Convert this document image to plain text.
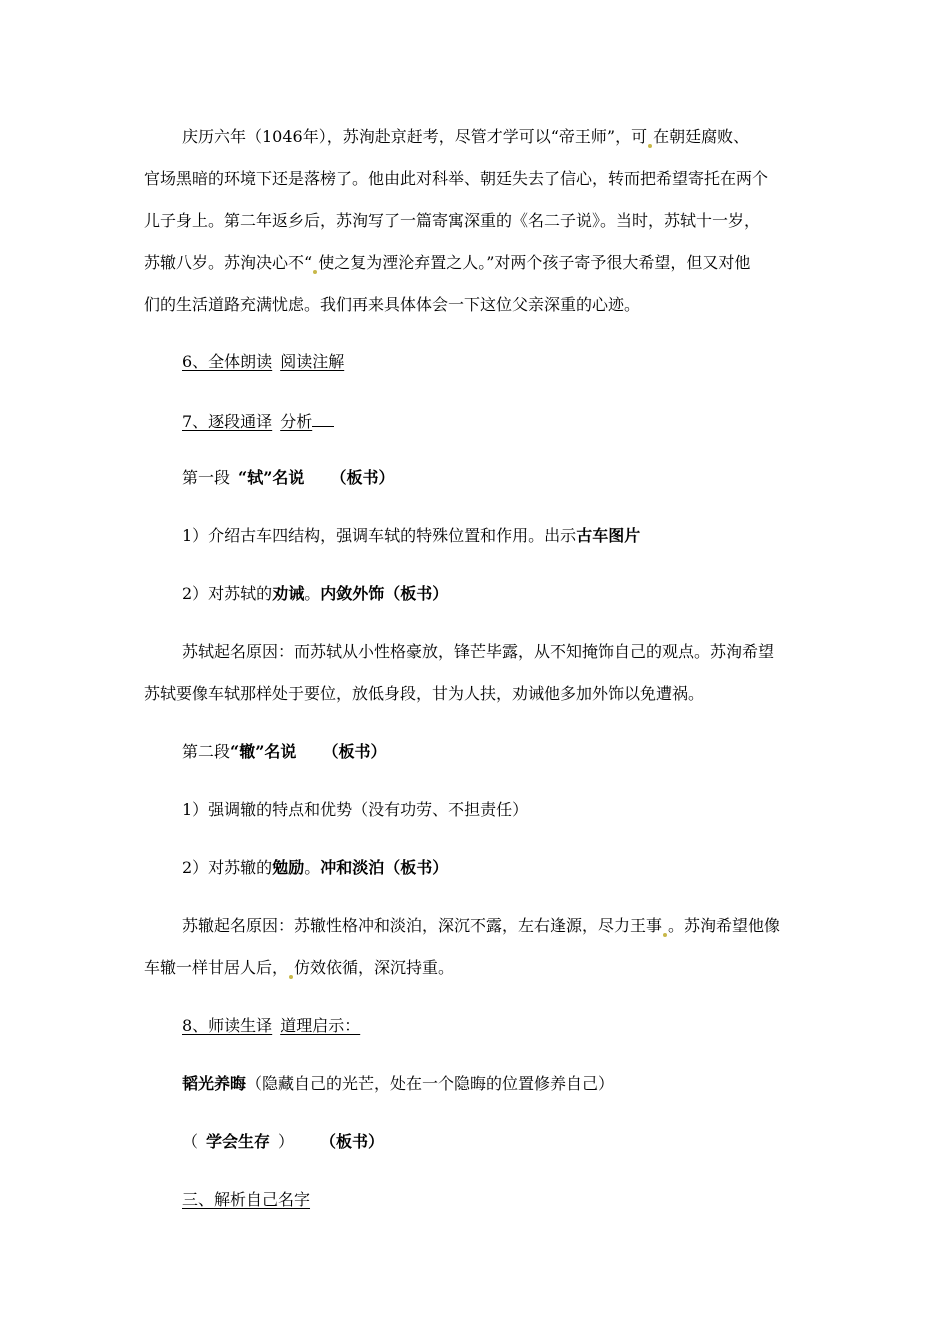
庆历六年（1046年），苏洵赴京赶考，尽管才学可以“帝王师”，可 在朝廷腐败、
官场黑暗的环境下还是落榜了。他由此对科举、朝廷失去了信心，转而把希望寄托在两个
儿子身上。第二年返乡后，苏洵写了一篇寄寓深重的《名二子说》。当时，苏轼十一岁，
苏辙八岁。苏洵决心不“ 使之复为湮沦弃置之人。”对两个孩子寄予很大希望，但又对他
们的生活道路充满忧虑。我们再来具体体会一下这位父亲深重的心迹。
6、全体朗读 阅读注解
7、逐段通译 分析
第一段 “轼”名说 （板书）
1）介绍古车四结构，强调车轼的特殊位置和作用。出示古车图片
2）对苏轼的劝诫。内敛外饰（板书）
苏轼起名原因：而苏轼从小性格豪放，锋芒毕露，从不知掩饰自己的观点。苏洵希望
苏轼要像车轼那样处于要位，放低身段，甘为人扶，劝诫他多加外饰以免遭祸。
第二段“辙”名说 （板书）
1）强调辙的特点和优势（没有功劳、不担责任）
2）对苏辙的勉励。冲和淡泊（板书）
苏辙起名原因：苏辙性格冲和淡泊，深沉不露，左右逢源，尽力王事 。苏洵希望他像
车辙一样甘居人后， 仿效依循，深沉持重。
8、师读生译 道理启示：
韬光养晦（隐藏自己的光芒，处在一个隐晦的位置修养自己）
（ 学会生存 ） （板书）
三、解析自己名字
